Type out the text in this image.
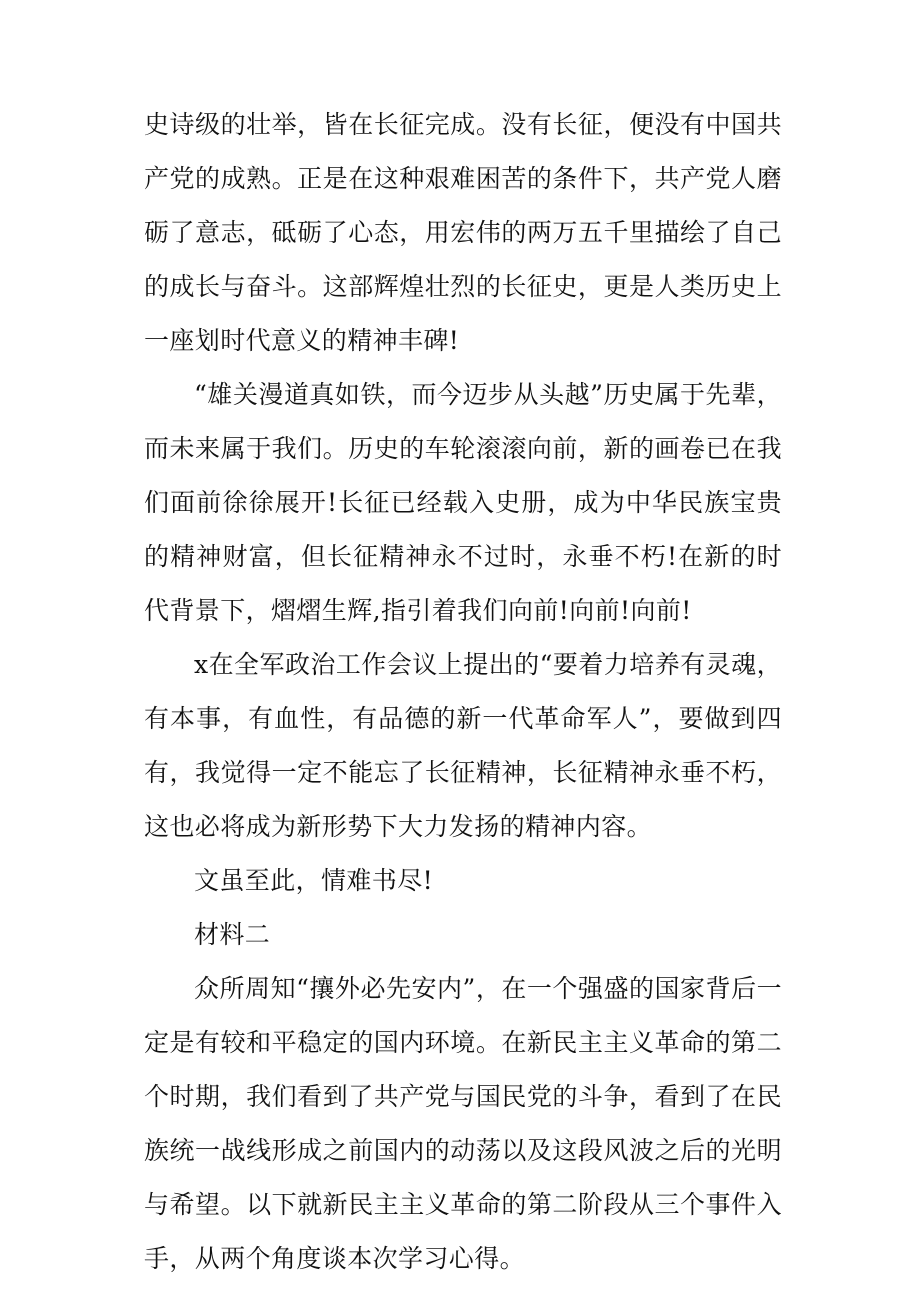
史诗级的壮举，皆在长征完成。没有长征，便没有中国共产党的成熟。正是在这种艰难困苦的条件下，共产党人磨砺了意志，砥砺了心态，用宏伟的两万五千里描绘了自己的成长与奋斗。这部辉煌壮烈的长征史，更是人类历史上一座划时代意义的精神丰碑!

“雄关漫道真如铁，而今迈步从头越”历史属于先辈，而未来属于我们。历史的车轮滚滚向前，新的画卷已在我们面前徐徐展开!长征已经载入史册，成为中华民族宝贵的精神财富，但长征精神永不过时，永垂不朽!在新的时代背景下，熠熠生辉,指引着我们向前!向前!向前!

x在全军政治工作会议上提出的“要着力培养有灵魂，有本事，有血性，有品德的新一代革命军人”，要做到四有，我觉得一定不能忘了长征精神，长征精神永垂不朽，这也必将成为新形势下大力发扬的精神内容。

文虽至此，情难书尽!

材料二

众所周知“攘外必先安内”，在一个强盛的国家背后一定是有较和平稳定的国内环境。在新民主主义革命的第二个时期，我们看到了共产党与国民党的斗争，看到了在民族统一战线形成之前国内的动荡以及这段风波之后的光明与希望。以下就新民主主义革命的第二阶段从三个事件入手，从两个角度谈本次学习心得。
